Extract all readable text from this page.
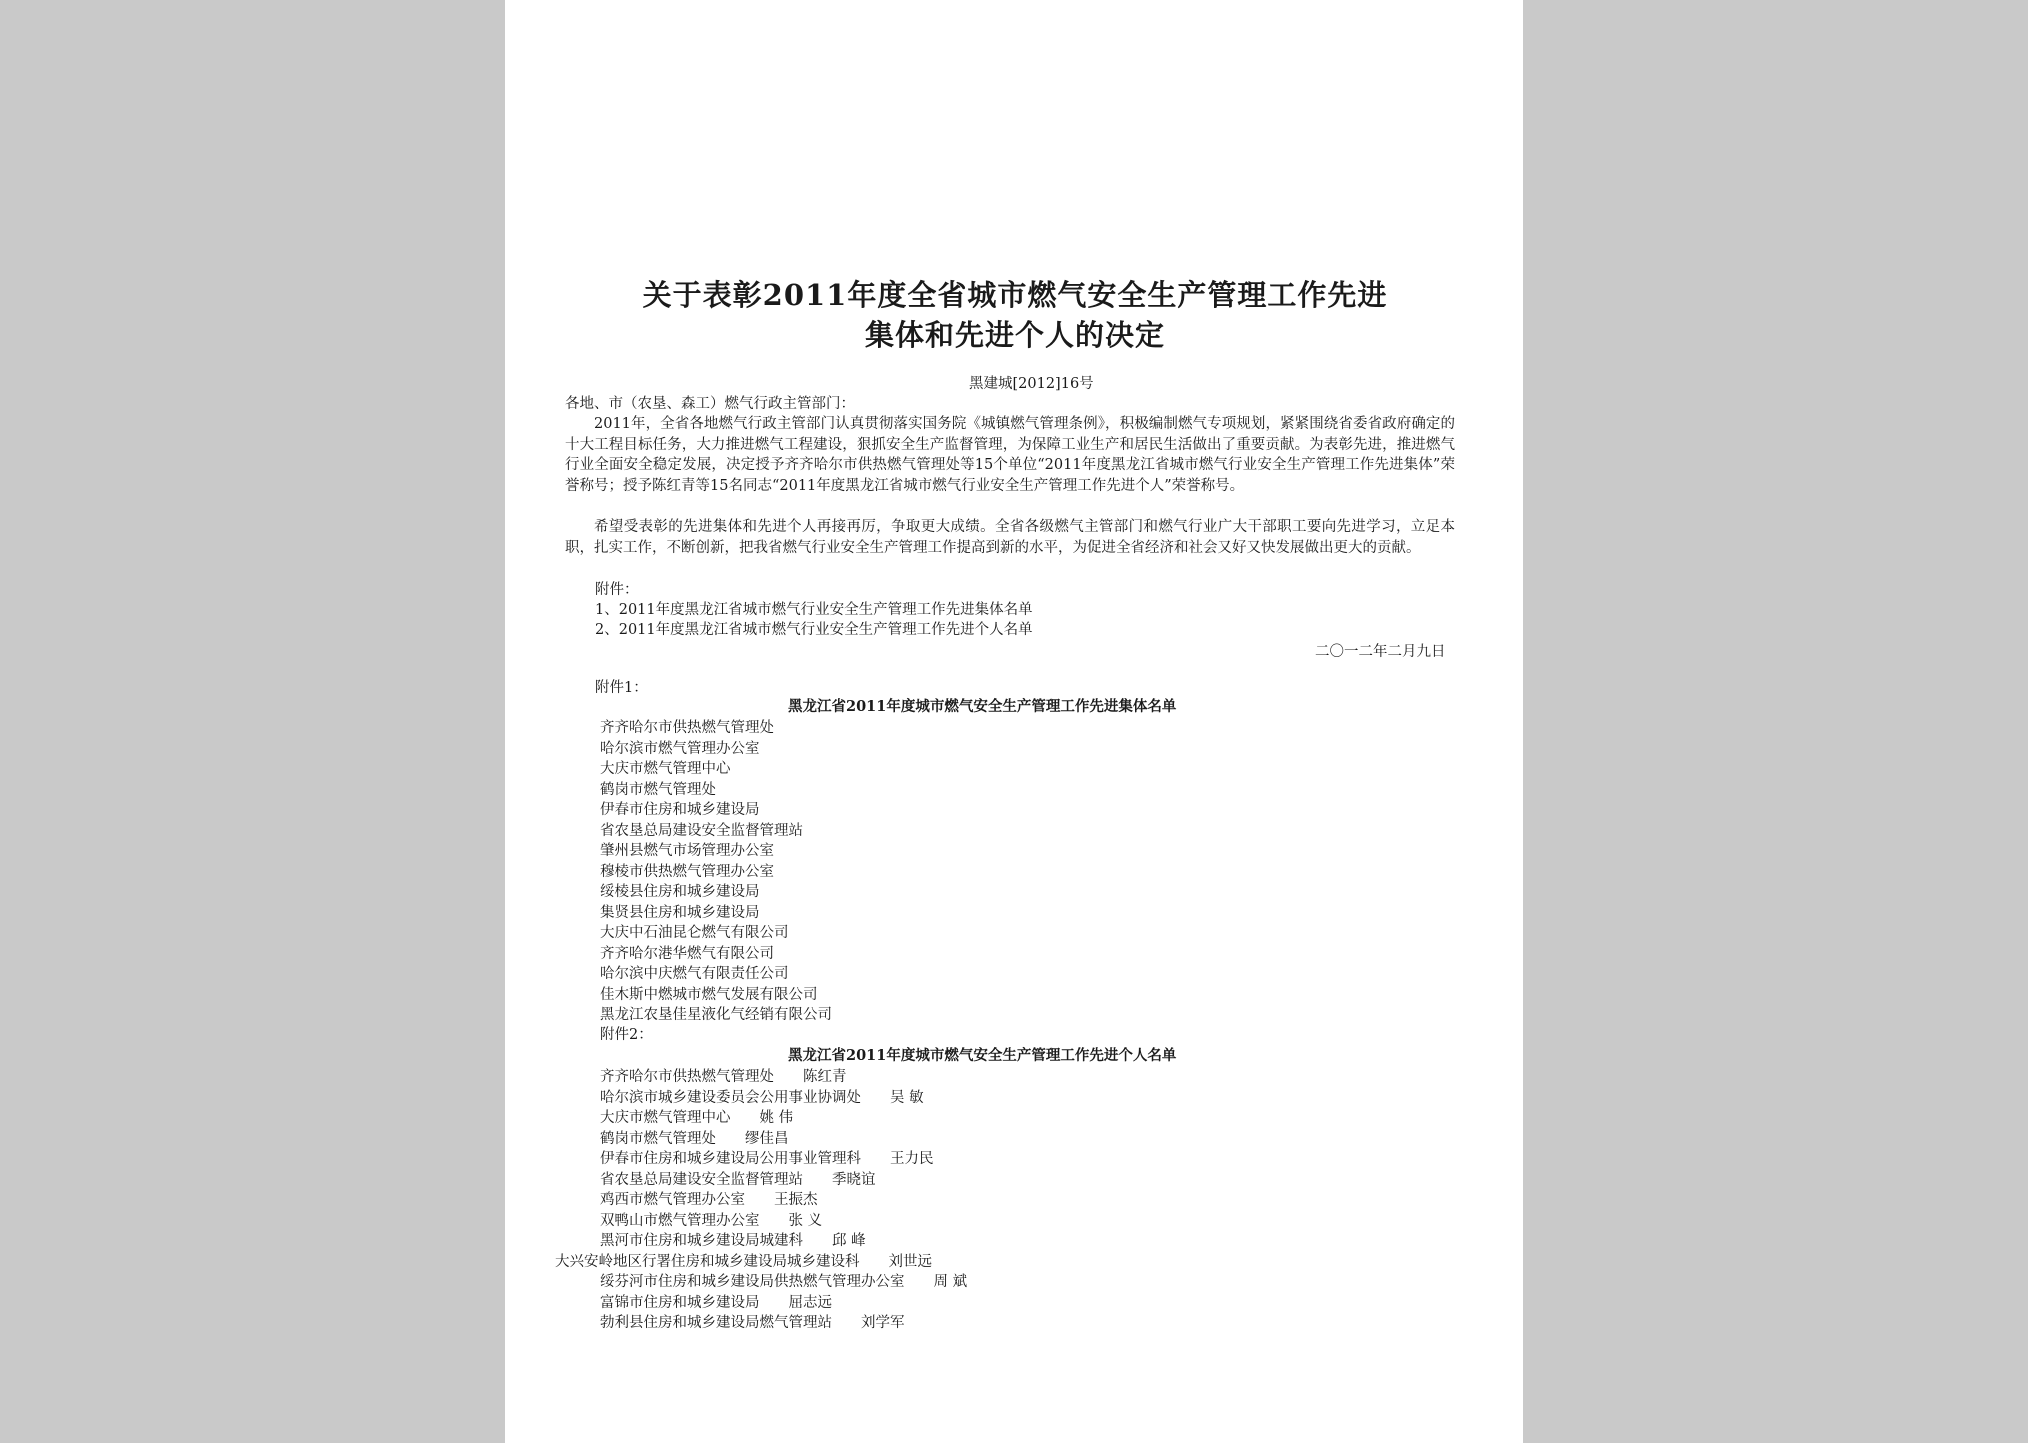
关于表彰2011年度全省城市燃气安全生产管理工作先进
集体和先进个人的决定
黑建城[2012]16号
各地、市（农垦、森工）燃气行政主管部门：
2011年，全省各地燃气行政主管部门认真贯彻落实国务院《城镇燃气管理条例》，积极编制燃气专项规划，紧紧围绕省委省政府确定的十大工程目标任务，大力推进燃气工程建设，狠抓安全生产监督管理，为保障工业生产和居民生活做出了重要贡献。为表彰先进，推进燃气行业全面安全稳定发展，决定授予齐齐哈尔市供热燃气管理处等15个单位“2011年度黑龙江省城市燃气行业安全生产管理工作先进集体”荣誉称号；授予陈红青等15名同志“2011年度黑龙江省城市燃气行业安全生产管理工作先进个人”荣誉称号。
希望受表彰的先进集体和先进个人再接再厉，争取更大成绩。全省各级燃气主管部门和燃气行业广大干部职工要向先进学习，立足本职，扎实工作，不断创新，把我省燃气行业安全生产管理工作提高到新的水平，为促进全省经济和社会又好又快发展做出更大的贡献。
附件：
1、2011年度黑龙江省城市燃气行业安全生产管理工作先进集体名单
2、2011年度黑龙江省城市燃气行业安全生产管理工作先进个人名单
二〇一二年二月九日
附件1：
黑龙江省2011年度城市燃气安全生产管理工作先进集体名单
齐齐哈尔市供热燃气管理处
哈尔滨市燃气管理办公室
大庆市燃气管理中心
鹤岗市燃气管理处
伊春市住房和城乡建设局
省农垦总局建设安全监督管理站
肇州县燃气市场管理办公室
穆棱市供热燃气管理办公室
绥棱县住房和城乡建设局
集贤县住房和城乡建设局
大庆中石油昆仑燃气有限公司
齐齐哈尔港华燃气有限公司
哈尔滨中庆燃气有限责任公司
佳木斯中燃城市燃气发展有限公司
黑龙江农垦佳星液化气经销有限公司
附件2：
黑龙江省2011年度城市燃气安全生产管理工作先进个人名单
齐齐哈尔市供热燃气管理处　　陈红青
哈尔滨市城乡建设委员会公用事业协调处　　吴 敏
大庆市燃气管理中心　　姚 伟
鹤岗市燃气管理处　　缪佳昌
伊春市住房和城乡建设局公用事业管理科　　王力民
省农垦总局建设安全监督管理站　　季晓谊
鸡西市燃气管理办公室　　王振杰
双鸭山市燃气管理办公室　　张 义
黑河市住房和城乡建设局城建科　　邱 峰
大兴安岭地区行署住房和城乡建设局城乡建设科　　刘世远
绥芬河市住房和城乡建设局供热燃气管理办公室　　周 斌
富锦市住房和城乡建设局　　屈志远
勃利县住房和城乡建设局燃气管理站　　刘学军
